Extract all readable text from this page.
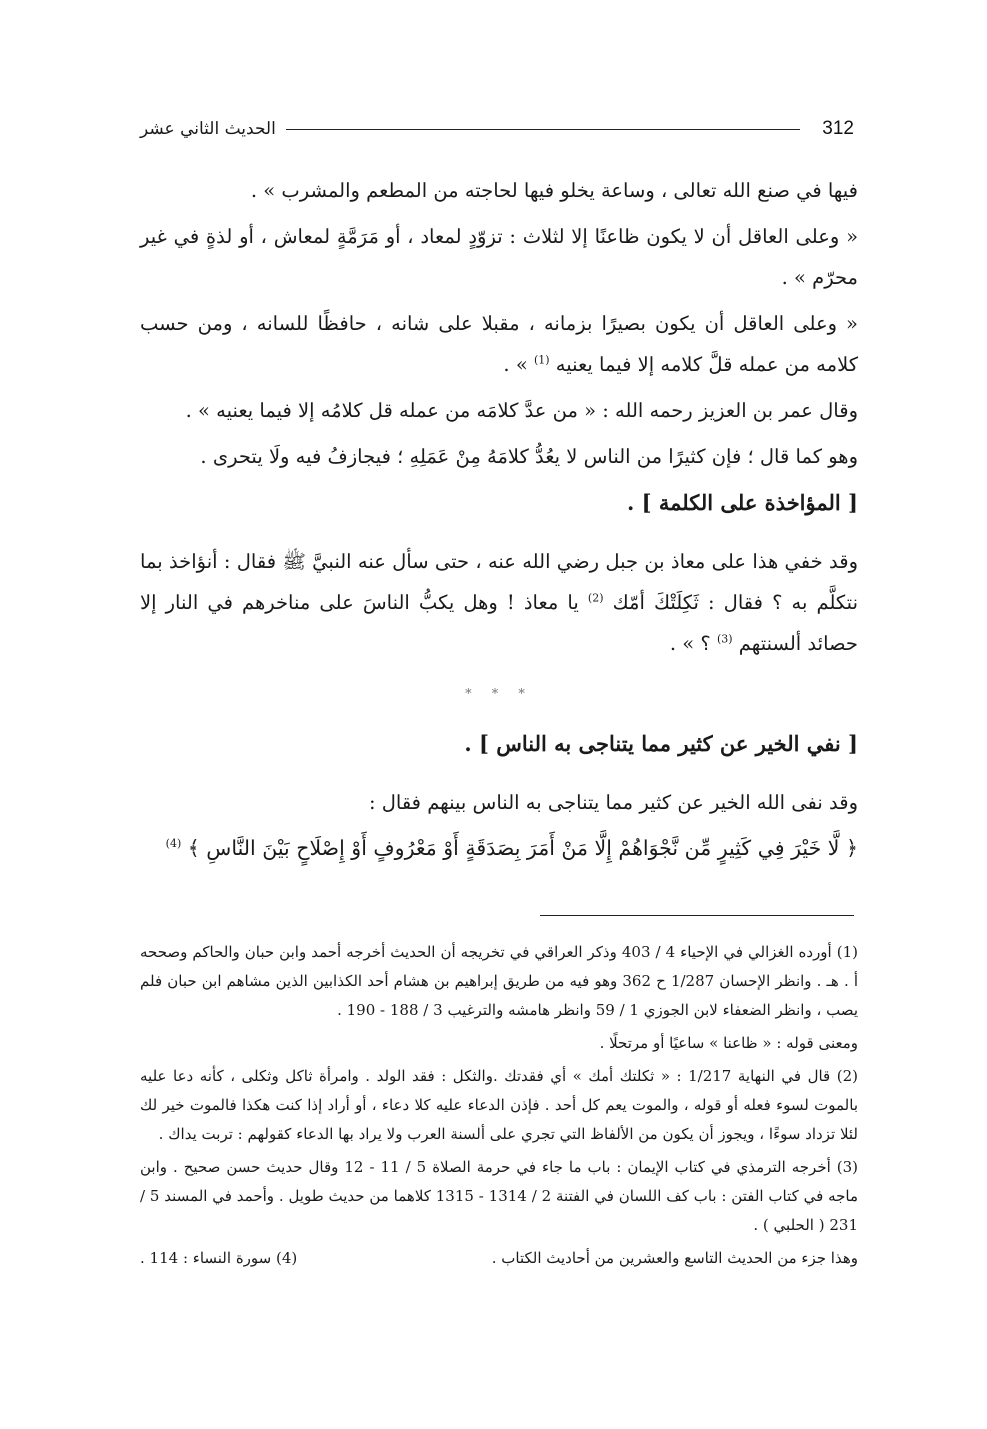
312
الحديث الثاني عشر

فيها في صنع الله تعالى ، وساعة يخلو فيها لحاجته من المطعم والمشرب » .

« وعلى العاقل أن لا يكون ظاعنًا إلا لثلاث : تزوّدٍ لمعاد ، أو مَرَمَّةٍ لمعاش ، أو لذةٍ في غير محرّم » .

« وعلى العاقل أن يكون بصيرًا بزمانه ، مقبلا على شانه ، حافظًا للسانه ، ومن حسب كلامه من عمله قلَّ كلامه إلا فيما يعنيه $^{(1)}$ » .

وقال عمر بن العزيز رحمه الله : « من عدَّ كلامَه من عمله قل كلامُه إلا فيما يعنيه » .

وهو كما قال ؛ فإن كثيرًا من الناس لا يعُدُّ كلامَهُ مِنْ عَمَلِهِ ؛ فيجازفُ فيه ولَا يتحرى .

[ المؤاخذة على الكلمة ] .

وقد خفي هذا على معاذ بن جبل رضي الله عنه ، حتى سأل عنه النبيَّ ﷺ فقال : أنؤاخذ بما نتكلَّم به ؟ فقال : ثَكِلَتْكَ أمّك $^{(2)}$ يا معاذ ! وهل يكبُّ الناسَ على مناخرهم في النار إلا حصائد ألسنتهم $^{(3)}$ ؟ » .

* * *

[ نفي الخير عن كثير مما يتناجى به الناس ] .

وقد نفى الله الخير عن كثير مما يتناجى به الناس بينهم فقال :

﴿ لَّا خَيْرَ فِي كَثِيرٍ مِّن نَّجْوَاهُمْ إِلَّا مَنْ أَمَرَ بِصَدَقَةٍ أَوْ مَعْرُوفٍ أَوْ إِصْلَاحٍ بَيْنَ النَّاسِ ﴾ $^{(4)}$

(1) أورده الغزالي في الإحياء 4 / 403 وذكر العراقي في تخريجه أن الحديث أخرجه أحمد وابن حبان والحاكم وصححه أ . هـ . وانظر الإحسان 1/287 ح 362 وهو فيه من طريق إبراهيم بن هشام أحد الكذابين الذين مشاهم ابن حبان فلم يصب ، وانظر الضعفاء لابن الجوزي 1 / 59 وانظر هامشه والترغيب 3 / 188 - 190 .

ومعنى قوله : « ظاعنا » ساعيًا أو مرتحلًا .

(2) قال في النهاية 1/217 : « ثكلتك أمك » أي فقدتك .والثكل : فقد الولد . وامرأة ثاكل وثكلى ، كأنه دعا عليه بالموت لسوء فعله أو قوله ، والموت يعم كل أحد . فإذن الدعاء عليه كلا دعاء ، أو أراد إذا كنت هكذا فالموت خير لك لئلا تزداد سوءًا ، ويجوز أن يكون من الألفاظ التي تجري على ألسنة العرب ولا يراد بها الدعاء كقولهم : تربت يداك .

(3) أخرجه الترمذي في كتاب الإيمان : باب ما جاء في حرمة الصلاة 5 / 11 - 12 وقال حديث حسن صحيح . وابن ماجه في كتاب الفتن : باب كف اللسان في الفتنة 2 / 1314 - 1315 كلاهما من حديث طويل . وأحمد في المسند 5 / 231 ( الحلبي ) .

وهذا جزء من الحديث التاسع والعشرين من أحاديث الكتاب .
(4) سورة النساء : 114 .
